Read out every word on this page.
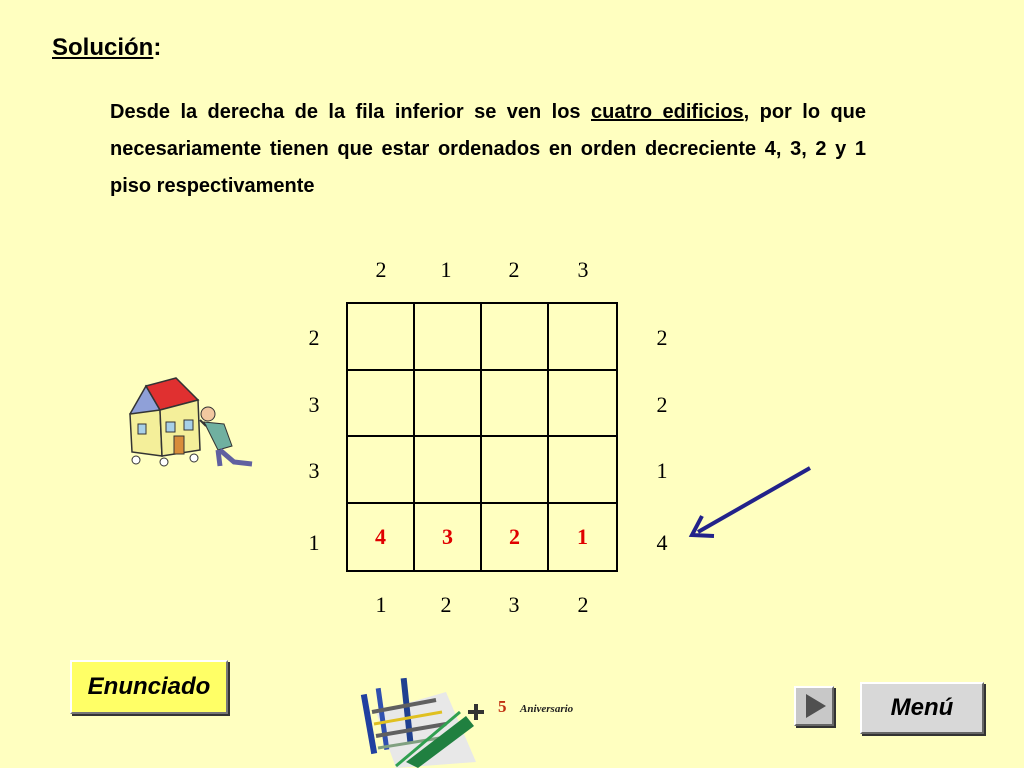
Solución:
Desde la derecha de la fila inferior se ven los cuatro edificios, por lo que necesariamente tienen que estar ordenados en orden decreciente 4, 3, 2 y 1 piso respectivamente
2	1	2	3
2
3
3
1
2
2
1
4
1	2	3	2
4	3	2	1
Enunciado
Menú
5 Aniversario
